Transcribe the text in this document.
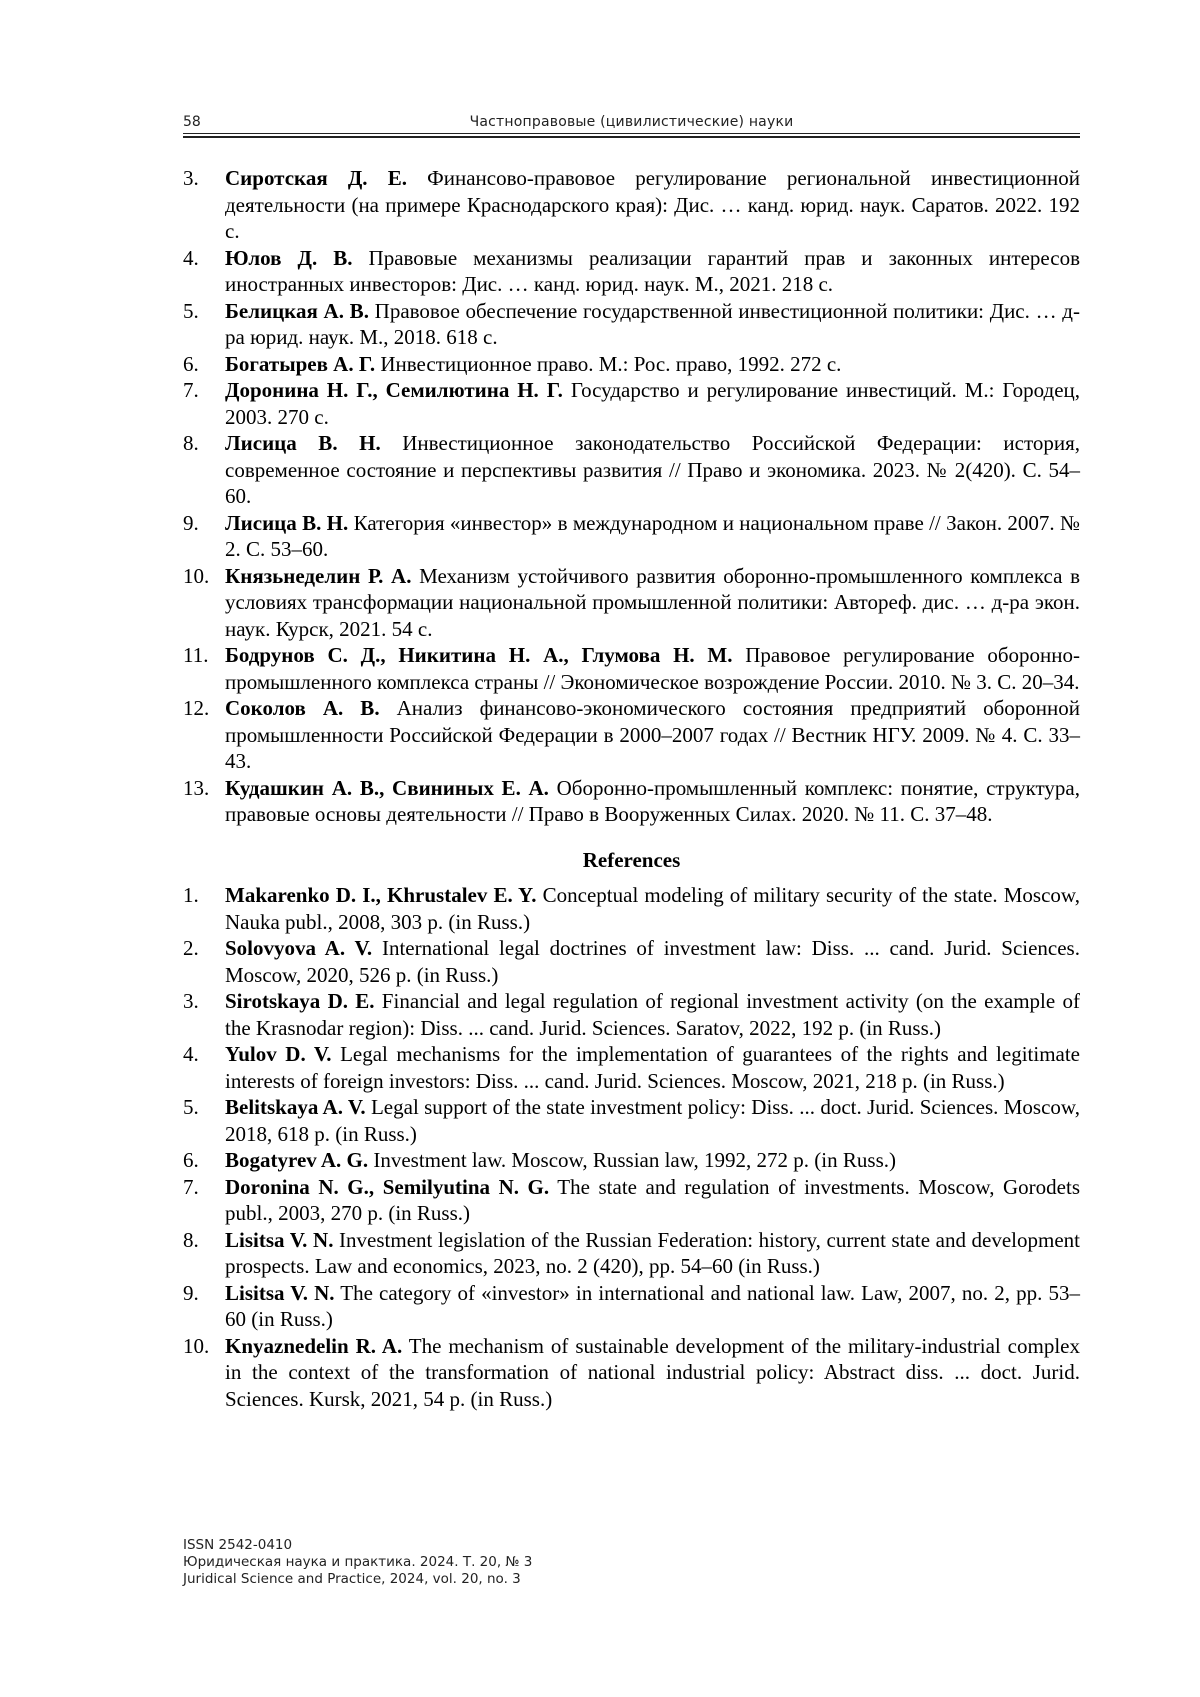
58	Частноправовые (цивилистические) науки
3. Сиротская Д. Е. Финансово-правовое регулирование региональной инвестиционной деятельности (на примере Краснодарского края): Дис. … канд. юрид. наук. Саратов. 2022. 192 с.
4. Юлов Д. В. Правовые механизмы реализации гарантий прав и законных интересов иностранных инвесторов: Дис. … канд. юрид. наук. М., 2021. 218 с.
5. Белицкая А. В. Правовое обеспечение государственной инвестиционной политики: Дис. … д-ра юрид. наук. М., 2018. 618 с.
6. Богатырев А. Г. Инвестиционное право. М.: Рос. право, 1992. 272 с.
7. Доронина Н. Г., Семилютина Н. Г. Государство и регулирование инвестиций. М.: Городец, 2003. 270 с.
8. Лисица В. Н. Инвестиционное законодательство Российской Федерации: история, современное состояние и перспективы развития // Право и экономика. 2023. № 2(420). С. 54–60.
9. Лисица В. Н. Категория «инвестор» в международном и национальном праве // Закон. 2007. № 2. С. 53–60.
10. Князьнеделин Р. А. Механизм устойчивого развития оборонно-промышленного комплекса в условиях трансформации национальной промышленной политики: Автореф. дис. … д-ра экон. наук. Курск, 2021. 54 с.
11. Бодрунов С. Д., Никитина Н. А., Глумова Н. М. Правовое регулирование оборонно-промышленного комплекса страны // Экономическое возрождение России. 2010. № 3. С. 20–34.
12. Соколов А. В. Анализ финансово-экономического состояния предприятий оборонной промышленности Российской Федерации в 2000–2007 годах // Вестник НГУ. 2009. № 4. С. 33–43.
13. Кудашкин А. В., Свининых Е. А. Оборонно-промышленный комплекс: понятие, структура, правовые основы деятельности // Право в Вооруженных Силах. 2020. № 11. С. 37–48.
References
1. Makarenko D. I., Khrustalev E. Y. Conceptual modeling of military security of the state. Moscow, Nauka publ., 2008, 303 p. (in Russ.)
2. Solovyova A. V. International legal doctrines of investment law: Diss. ... cand. Jurid. Sciences. Moscow, 2020, 526 p. (in Russ.)
3. Sirotskaya D. E. Financial and legal regulation of regional investment activity (on the example of the Krasnodar region): Diss. ... cand. Jurid. Sciences. Saratov, 2022, 192 p. (in Russ.)
4. Yulov D. V. Legal mechanisms for the implementation of guarantees of the rights and legitimate interests of foreign investors: Diss. ... cand. Jurid. Sciences. Moscow, 2021, 218 p. (in Russ.)
5. Belitskaya A. V. Legal support of the state investment policy: Diss. ... doct. Jurid. Sciences. Moscow, 2018, 618 p. (in Russ.)
6. Bogatyrev A. G. Investment law. Moscow, Russian law, 1992, 272 p. (in Russ.)
7. Doronina N. G., Semilyutina N. G. The state and regulation of investments. Moscow, Gorodets publ., 2003, 270 p. (in Russ.)
8. Lisitsa V. N. Investment legislation of the Russian Federation: history, current state and development prospects. Law and economics, 2023, no. 2 (420), pp. 54–60 (in Russ.)
9. Lisitsa V. N. The category of «investor» in international and national law. Law, 2007, no. 2, pp. 53–60 (in Russ.)
10. Knyaznedelin R. A. The mechanism of sustainable development of the military-industrial complex in the context of the transformation of national industrial policy: Abstract diss. ... doct. Jurid. Sciences. Kursk, 2021, 54 p. (in Russ.)
ISSN 2542-0410
Юридическая наука и практика. 2024. Т. 20, № 3
Juridical Science and Practice, 2024, vol. 20, no. 3
